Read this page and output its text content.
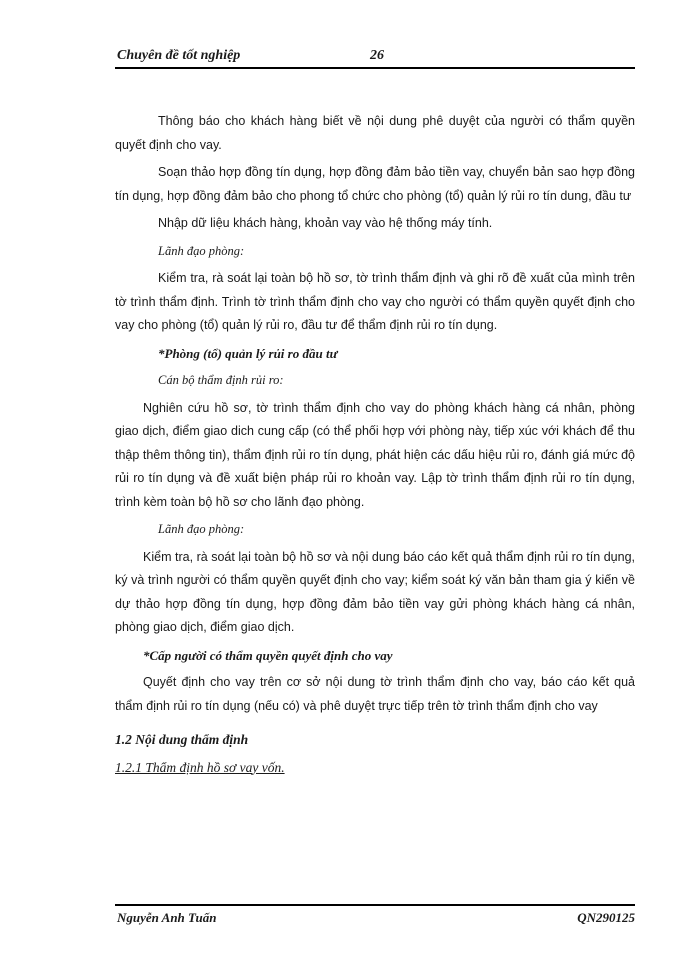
Chuyên đề tốt nghiệp	26

Thông báo cho khách hàng biết về nội dung phê duyệt của người có thẩm quyền quyết định cho vay.

Soạn thảo hợp đồng tín dụng, hợp đồng đảm bảo tiền vay, chuyển bản sao hợp đồng tín dụng, hợp đồng đảm bảo cho phong tổ chức cho phòng (tổ) quản lý rủi ro tín dung, đầu tư

Nhập dữ liệu khách hàng, khoản vay vào hệ thống máy tính.

Lãnh đạo phòng:

Kiểm tra, rà soát lại toàn bộ hồ sơ, tờ trình thẩm định và ghi rõ đề xuất của mình trên tờ trình thẩm định. Trình tờ trình thẩm định cho vay cho người có thẩm quyền quyết định cho vay cho phòng (tổ) quản lý rủi ro, đầu tư để thẩm định rủi ro tín dụng.

*Phòng (tổ) quản lý rủi ro đầu tư

Cán bộ thẩm định rủi ro:

Nghiên cứu hồ sơ, tờ trình thẩm định cho vay do phòng khách hàng cá nhân, phòng giao dịch, điểm giao dich cung cấp (có thể phối hợp với phòng này, tiếp xúc với khách để thu thập thêm thông tin), thẩm định rủi ro tín dụng, phát hiện các dấu hiệu rủi ro, đánh giá mức độ rủi ro tín dụng và đề xuất biện pháp rủi ro khoản vay. Lập tờ trình thẩm định rủi ro tín dụng, trình kèm toàn bộ hồ sơ cho lãnh đạo phòng.

Lãnh đạo phòng:

Kiểm tra, rà soát lại toàn bộ hồ sơ và nội dung báo cáo kết quả thẩm định rủi ro tín dụng, ký và trình người có thẩm quyền quyết định cho vay; kiểm soát ký văn bản tham gia ý kiến về dự thảo hợp đồng tín dụng, hợp đồng đảm bảo tiền vay gửi phòng khách hàng cá nhân, phòng giao dịch, điểm giao dịch.

*Cấp người có thẩm quyền quyết định cho vay

Quyết định cho vay trên cơ sở nội dung tờ trình thẩm định cho vay, báo cáo kết quả thẩm định rủi ro tín dụng (nếu có) và phê duyệt trực tiếp trên tờ trình thẩm định cho vay

1.2 Nội dung thẩm định

1.2.1 Thẩm định hồ sơ vay vốn.

Nguyễn Anh Tuấn	QN290125
